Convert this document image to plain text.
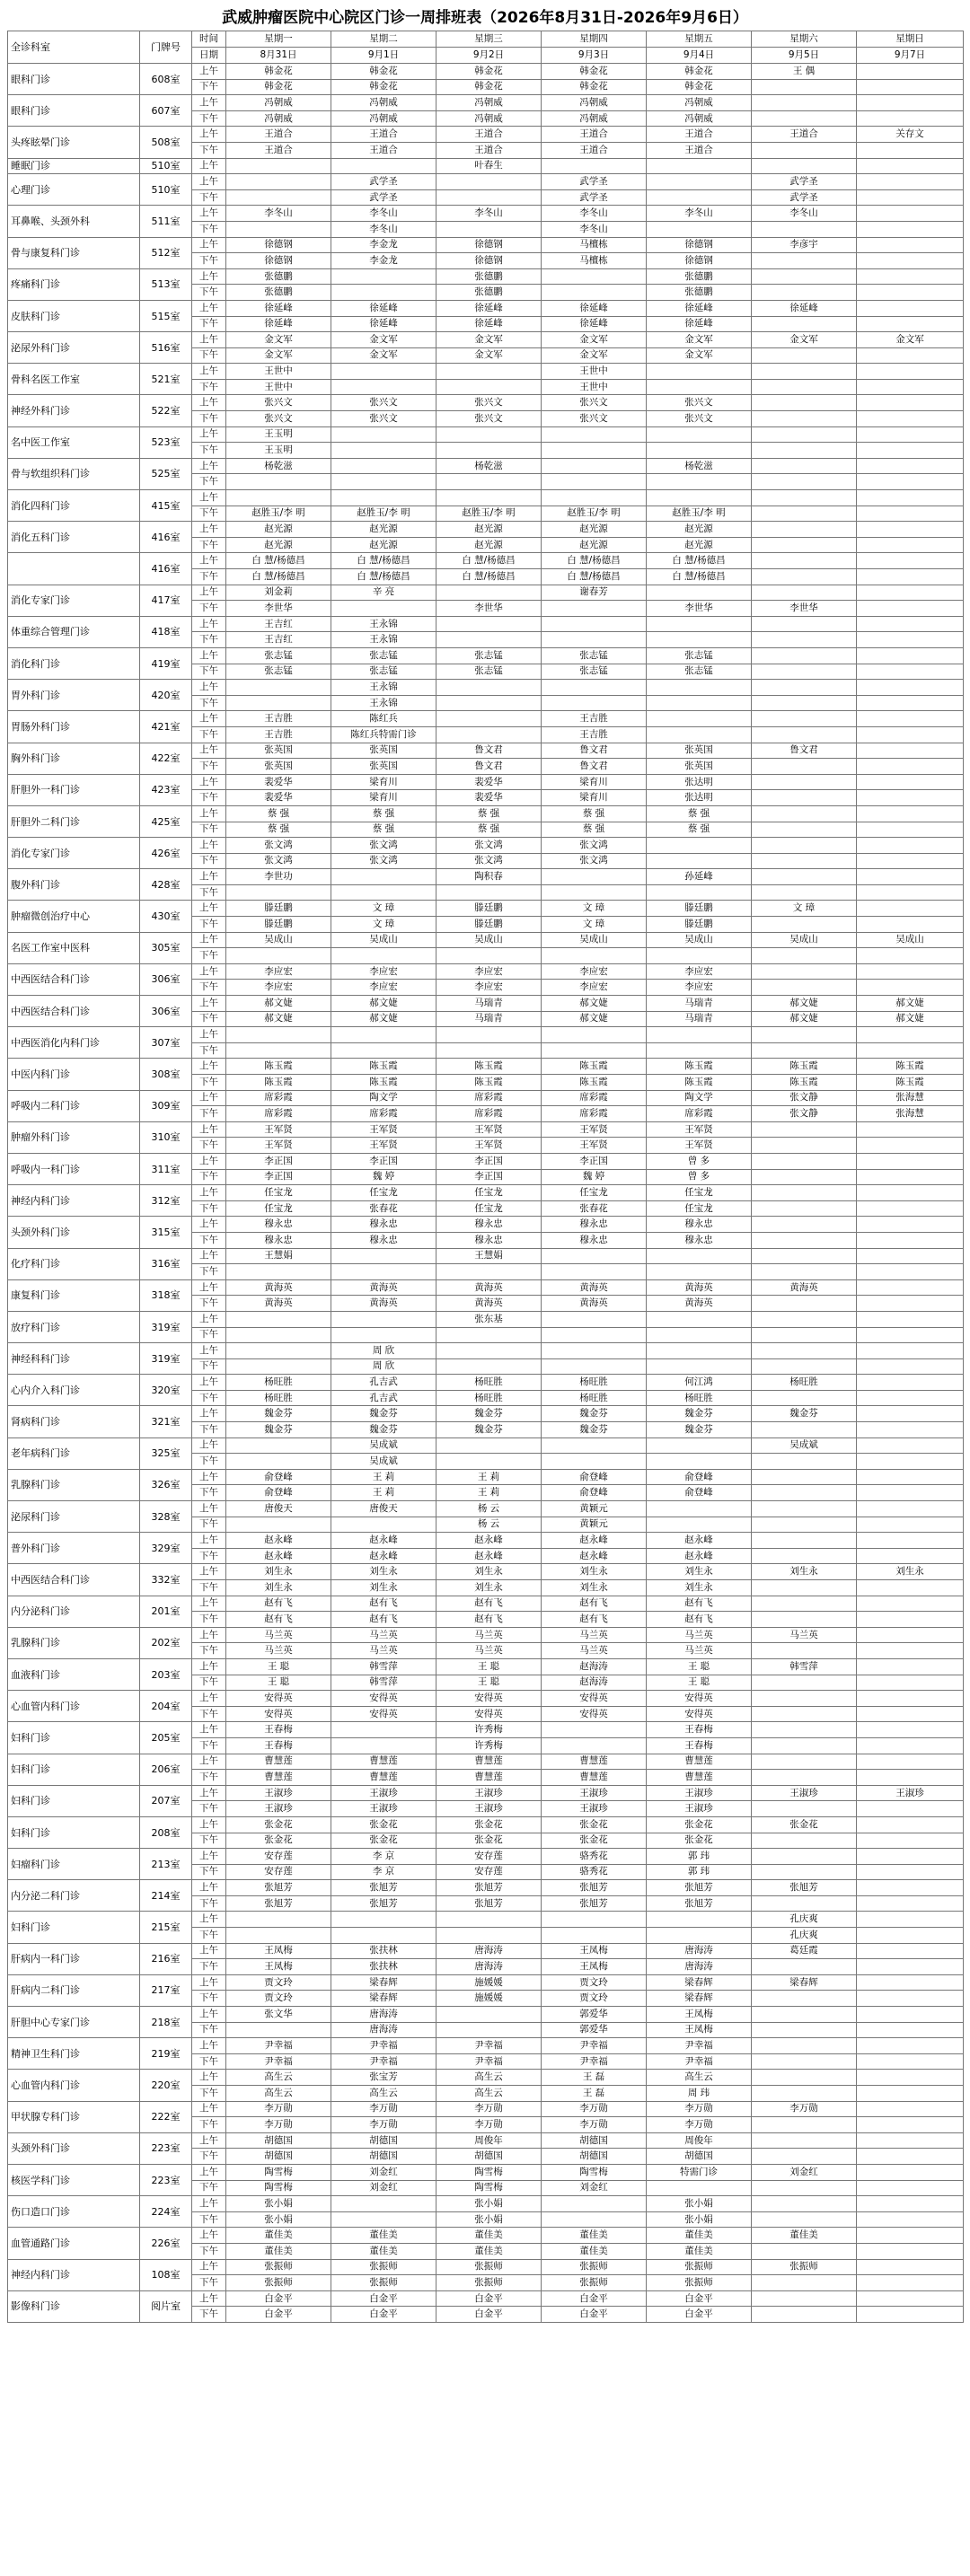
武威肿瘤医院中心院区门诊一周排班表（2026年8月31日-2026年9月6日）
全诊科室	门牌号	时间	星期一	星期二	星期三	星期四	星期五	星期六	星期日
		日期	8月31日	9月1日	9月2日	9月3日	9月4日	9月5日	9月7日
眼科门诊	608室	上午	韩金花	韩金花	韩金花	韩金花	韩金花	王 偶	
		下午	韩金花	韩金花	韩金花	韩金花	韩金花		
眼科门诊	607室	上午	冯朝威	冯朝威	冯朝威	冯朝威	冯朝威		
		下午	冯朝威	冯朝威	冯朝威	冯朝威	冯朝威		
头疼眩晕门诊	508室	上午	王道合	王道合	王道合	王道合	王道合	王道合	关存文
		下午	王道合	王道合	王道合	王道合	王道合		
睡眠门诊	510室	上午			叶春生				
心理门诊	510室	上午		武学圣		武学圣		武学圣	
		下午		武学圣		武学圣		武学圣	
耳鼻喉、头颈外科	511室	上午	李冬山	李冬山	李冬山	李冬山	李冬山	李冬山	
		下午		李冬山		李冬山			
骨与康复科门诊	512室	上午	徐德钢	李金龙	徐德钢	马檀栋	徐德钢	李彦宇	
		下午	徐德钢	李金龙	徐德钢	马檀栋	徐德钢		
疼痛科门诊	513室	上午	张德鹏		张德鹏		张德鹏		
		下午	张德鹏		张德鹏		张德鹏		
皮肤科门诊	515室	上午	徐延峰	徐延峰	徐延峰	徐延峰	徐延峰	徐延峰	
		下午	徐延峰	徐延峰	徐延峰	徐延峰	徐延峰		
泌尿外科门诊	516室	上午	金文军	金文军	金文军	金文军	金文军	金文军	金文军
		下午	金文军	金文军	金文军	金文军	金文军		
骨科名医工作室	521室	上午	王世中			王世中			
		下午	王世中			王世中			
神经外科门诊	522室	上午	张兴文	张兴文	张兴文	张兴文	张兴文		
		下午	张兴文	张兴文	张兴文	张兴文	张兴文		
名中医工作室	523室	上午	王玉明						
		下午	王玉明						
骨与软组织科门诊	525室	上午	杨乾滋		杨乾滋		杨乾滋		
		下午							
消化四科门诊	415室	上午							
		下午	赵胜玉/李 明	赵胜玉/李 明	赵胜玉/李 明	赵胜玉/李 明	赵胜玉/李 明		
消化五科门诊	416室	上午	赵光源	赵光源	赵光源	赵光源	赵光源		
		下午	赵光源	赵光源	赵光源	赵光源	赵光源		
	416室	上午	白 慧/杨德昌	白 慧/杨德昌	白 慧/杨德昌	白 慧/杨德昌	白 慧/杨德昌		
		下午	白 慧/杨德昌	白 慧/杨德昌	白 慧/杨德昌	白 慧/杨德昌	白 慧/杨德昌		
消化专家门诊	417室	上午	刘金莉	辛 亮		谢春芳			
		下午	李世华		李世华		李世华	李世华	
体重综合管理门诊	418室	上午	王吉红	王永锦					
		下午	王吉红	王永锦					
消化科门诊	419室	上午	张志锰	张志锰	张志锰	张志锰	张志锰		
		下午	张志锰	张志锰	张志锰	张志锰	张志锰		
胃外科门诊	420室	上午		王永锦					
		下午		王永锦					
胃肠外科门诊	421室	上午	王吉胜	陈红兵		王吉胜			
		下午	王吉胜	陈红兵特需门诊		王吉胜			
胸外科门诊	422室	上午	张英国	张英国	鲁文君	鲁文君	张英国	鲁文君	
		下午	张英国	张英国	鲁文君	鲁文君	张英国		
肝胆外一科门诊	423室	上午	裴爱华	梁育川	裴爱华	梁育川	张达明		
		下午	裴爱华	梁育川	裴爱华	梁育川	张达明		
肝胆外二科门诊	425室	上午	蔡 强	蔡 强	蔡 强	蔡 强	蔡 强		
		下午	蔡 强	蔡 强	蔡 强	蔡 强	蔡 强		
消化专家门诊	426室	上午	张文鸿	张文鸿	张文鸿	张文鸿			
		下午	张文鸿	张文鸿	张文鸿	张文鸿			
腹外科门诊	428室	上午	李世功		陶积春		孙延峰		
		下午							
肿瘤微创治疗中心	430室	上午	滕廷鹏	文 璋	滕廷鹏	文 璋	滕廷鹏	文 璋	
		下午	滕廷鹏	文 璋	滕廷鹏	文 璋	滕廷鹏		
名医工作室中医科	305室	上午	吴成山	吴成山	吴成山	吴成山	吴成山	吴成山	吴成山
		下午							
中西医结合科门诊	306室	上午	李应宏	李应宏	李应宏	李应宏	李应宏		
		下午	李应宏	李应宏	李应宏	李应宏	李应宏		
中西医结合科门诊	306室	上午	郝文婕	郝文婕	马瑞青	郝文婕	马瑞青	郝文婕	郝文婕
		下午	郝文婕	郝文婕	马瑞青	郝文婕	马瑞青	郝文婕	郝文婕
中西医消化内科门诊	307室	上午							
		下午							
中医内科门诊	308室	上午	陈玉霞	陈玉霞	陈玉霞	陈玉霞	陈玉霞	陈玉霞	陈玉霞
		下午	陈玉霞	陈玉霞	陈玉霞	陈玉霞	陈玉霞	陈玉霞	陈玉霞
呼吸内二科门诊	309室	上午	席彩霞	陶文学	席彩霞	席彩霞	陶文学	张文静	张海慧
		下午	席彩霞	席彩霞	席彩霞	席彩霞	席彩霞	张文静	张海慧
肿瘤外科门诊	310室	上午	王军贤	王军贤	王军贤	王军贤	王军贤		
		下午	王军贤	王军贤	王军贤	王军贤	王军贤		
呼吸内一科门诊	311室	上午	李正国	李正国	李正国	李正国	曾 多		
		下午	李正国	魏 婷	李正国	魏 婷	曾 多		
神经内科门诊	312室	上午	任宝龙	任宝龙	任宝龙	任宝龙	任宝龙		
		下午	任宝龙	张春花	任宝龙	张春花	任宝龙		
头颈外科门诊	315室	上午	穆永忠	穆永忠	穆永忠	穆永忠	穆永忠		
		下午	穆永忠	穆永忠	穆永忠	穆永忠	穆永忠		
化疗科门诊	316室	上午	王慧娟		王慧娟				
		下午							
康复科门诊	318室	上午	黄海英	黄海英	黄海英	黄海英	黄海英	黄海英	
		下午	黄海英	黄海英	黄海英	黄海英	黄海英		
放疗科门诊	319室	上午			张东基				
		下午							
神经科科门诊	319室	上午		周 欣					
		下午		周 欣					
心内介入科门诊	320室	上午	杨旺胜	孔吉武	杨旺胜	杨旺胜	何江鸿	杨旺胜	
		下午	杨旺胜	孔吉武	杨旺胜	杨旺胜	杨旺胜		
肾病科门诊	321室	上午	魏金芬	魏金芬	魏金芬	魏金芬	魏金芬	魏金芬	
		下午	魏金芬	魏金芬	魏金芬	魏金芬	魏金芬		
老年病科门诊	325室	上午		吴成斌				吴成斌	
		下午		吴成斌					
乳腺科门诊	326室	上午	俞登峰	王 莉	王 莉	俞登峰	俞登峰		
		下午	俞登峰	王 莉	王 莉	俞登峰	俞登峰		
泌尿科门诊	328室	上午	唐俊天	唐俊天	杨 云	黄颖元			
		下午			杨 云	黄颖元			
普外科门诊	329室	上午	赵永峰	赵永峰	赵永峰	赵永峰	赵永峰		
		下午	赵永峰	赵永峰	赵永峰	赵永峰	赵永峰		
中西医结合科门诊	332室	上午	刘生永	刘生永	刘生永	刘生永	刘生永	刘生永	刘生永
		下午	刘生永	刘生永	刘生永	刘生永	刘生永		
内分泌科门诊	201室	上午	赵有飞	赵有飞	赵有飞	赵有飞	赵有飞		
		下午	赵有飞	赵有飞	赵有飞	赵有飞	赵有飞		
乳腺科门诊	202室	上午	马兰英	马兰英	马兰英	马兰英	马兰英	马兰英	
		下午	马兰英	马兰英	马兰英	马兰英	马兰英		
血液科门诊	203室	上午	王 聪	韩雪萍	王 聪	赵海涛	王 聪	韩雪萍	
		下午	王 聪	韩雪萍	王 聪	赵海涛	王 聪		
心血管内科门诊	204室	上午	安得英	安得英	安得英	安得英	安得英		
		下午	安得英	安得英	安得英	安得英	安得英		
妇科门诊	205室	上午	王春梅		许秀梅		王春梅		
		下午	王春梅		许秀梅		王春梅		
妇科门诊	206室	上午	曹慧莲	曹慧莲	曹慧莲	曹慧莲	曹慧莲		
		下午	曹慧莲	曹慧莲	曹慧莲	曹慧莲	曹慧莲		
妇科门诊	207室	上午	王淑珍	王淑珍	王淑珍	王淑珍	王淑珍	王淑珍	王淑珍
		下午	王淑珍	王淑珍	王淑珍	王淑珍	王淑珍		
妇科门诊	208室	上午	张金花	张金花	张金花	张金花	张金花	张金花	
		下午	张金花	张金花	张金花	张金花	张金花		
妇瘤科门诊	213室	上午	安存莲	李 京	安存莲	骆秀花	郭 玮		
		下午	安存莲	李 京	安存莲	骆秀花	郭 玮		
内分泌二科门诊	214室	上午	张旭芳	张旭芳	张旭芳	张旭芳	张旭芳	张旭芳	
		下午	张旭芳	张旭芳	张旭芳	张旭芳	张旭芳		
妇科门诊	215室	上午						孔庆爽	
		下午						孔庆爽	
肝病内一科门诊	216室	上午	王凤梅	张扶林	唐海涛	王凤梅	唐海涛	葛廷霞	
		下午	王凤梅	张扶林	唐海涛	王凤梅	唐海涛		
肝病内二科门诊	217室	上午	贾文玲	梁春辉	施媛媛	贾文玲	梁春辉	梁春辉	
		下午	贾文玲	梁春辉	施媛媛	贾文玲	梁春辉		
肝胆中心专家门诊	218室	上午	张文华	唐海涛		郭爱华	王凤梅		
		下午		唐海涛		郭爱华	王凤梅		
精神卫生科门诊	219室	上午	尹幸福	尹幸福	尹幸福	尹幸福	尹幸福		
		下午	尹幸福	尹幸福	尹幸福	尹幸福	尹幸福		
心血管内科门诊	220室	上午	高生云	张宝芳	高生云	王 磊	高生云		
		下午	高生云	高生云	高生云	王 磊	周 玮		
甲状腺专科门诊	222室	上午	李万勋	李万勋	李万勋	李万勋	李万勋	李万勋	
		下午	李万勋	李万勋	李万勋	李万勋	李万勋		
头颈外科门诊	223室	上午	胡德国	胡德国	周俊年	胡德国	周俊年		
		下午	胡德国	胡德国	胡德国	胡德国	胡德国		
核医学科门诊	223室	上午	陶雪梅	刘金红	陶雪梅	陶雪梅	特需门诊	刘金红	
		下午	陶雪梅	刘金红	陶雪梅	刘金红			
伤口造口门诊	224室	上午	张小娟		张小娟		张小娟		
		下午	张小娟		张小娟		张小娟		
血管通路门诊	226室	上午	董佳美	董佳美	董佳美	董佳美	董佳美	董佳美	
		下午	董佳美	董佳美	董佳美	董佳美	董佳美		
神经内科门诊	108室	上午	张振师	张振师	张振师	张振师	张振师	张振师	
		下午	张振师	张振师	张振师	张振师	张振师		
影像科门诊	阅片室	上午	白金平	白金平	白金平	白金平	白金平		
		下午	白金平	白金平	白金平	白金平	白金平		
